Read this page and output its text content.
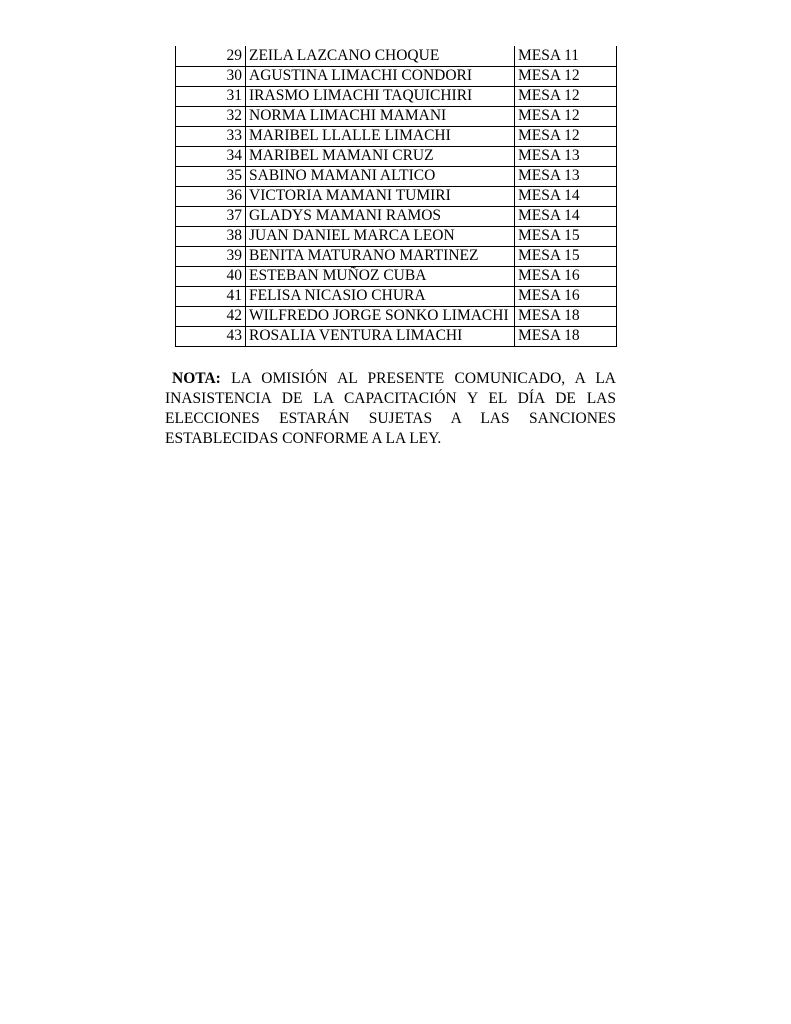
29	ZEILA LAZCANO CHOQUE	MESA 11
30	AGUSTINA LIMACHI CONDORI	MESA 12
31	IRASMO LIMACHI TAQUICHIRI	MESA 12
32	NORMA LIMACHI MAMANI	MESA 12
33	MARIBEL LLALLE LIMACHI	MESA 12
34	MARIBEL MAMANI CRUZ	MESA 13
35	SABINO MAMANI ALTICO	MESA 13
36	VICTORIA MAMANI TUMIRI	MESA 14
37	GLADYS MAMANI RAMOS	MESA 14
38	JUAN DANIEL MARCA LEON	MESA 15
39	BENITA MATURANO MARTINEZ	MESA 15
40	ESTEBAN MUÑOZ CUBA	MESA 16
41	FELISA NICASIO CHURA	MESA 16
42	WILFREDO JORGE SONKO LIMACHI	MESA 18
43	ROSALIA VENTURA LIMACHI	MESA 18

NOTA: LA OMISIÓN AL PRESENTE COMUNICADO, A LA INASISTENCIA DE LA CAPACITACIÓN Y EL DÍA DE LAS ELECCIONES ESTARÁN SUJETAS A LAS SANCIONES ESTABLECIDAS CONFORME A LA LEY.
